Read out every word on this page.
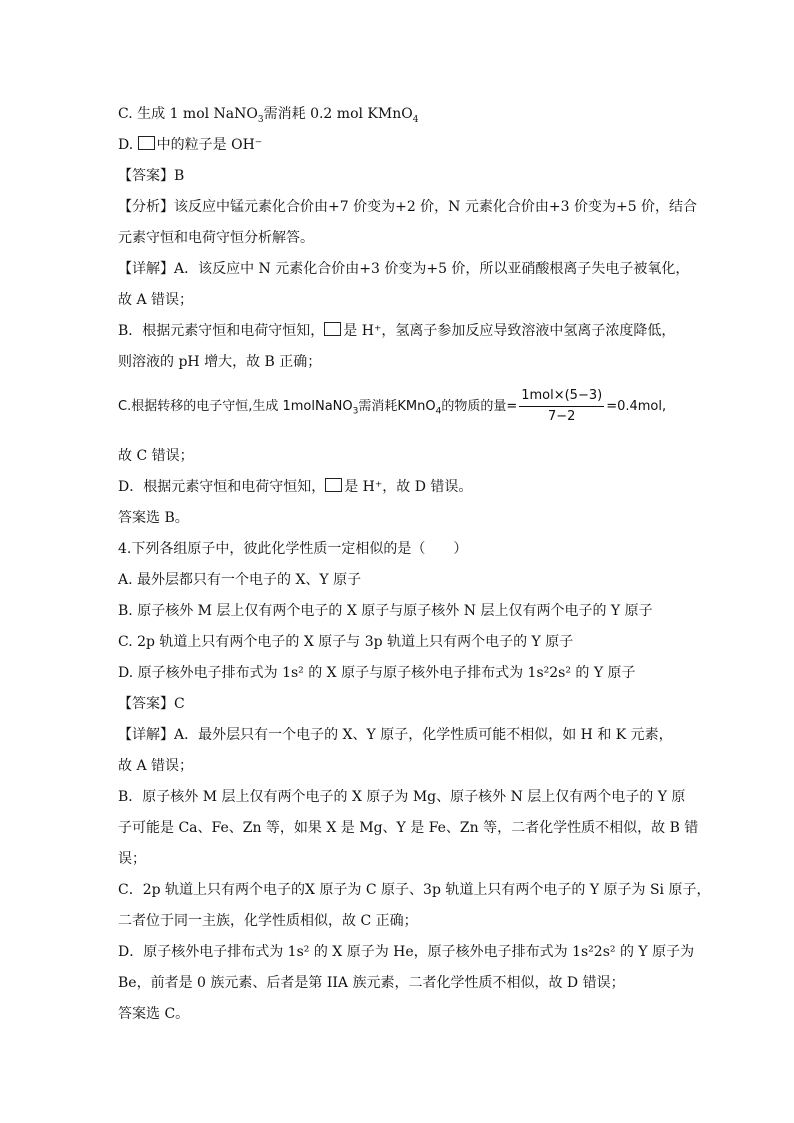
C. 生成 1 mol NaNO$_3$需消耗 0.2 mol KMnO$_4$
D. 中的粒子是 OH⁻
【答案】B
【分析】该反应中锰元素化合价由+7 价变为+2 价，N 元素化合价由+3 价变为+5 价，结合
元素守恒和电荷守恒分析解答。
【详解】A．该反应中 N 元素化合价由+3 价变为+5 价，所以亚硝酸根离子失电子被氧化，
故 A 错误；
B．根据元素守恒和电荷守恒知， 是 H⁺，氢离子参加反应导致溶液中氢离子浓度降低，
则溶液的 pH 增大，故 B 正确；
C.根据转移的电子守恒,生成 1molNaNO$_3$需消耗KMnO$_4$的物质的量= $\frac{\text{1mol×(5−3)}}{7-2} =0.4mol$,
故 C 错误；
D．根据元素守恒和电荷守恒知， 是 H⁺，故 D 错误。
答案选 B。
4.下列各组原子中，彼此化学性质一定相似的是（　　）
A. 最外层都只有一个电子的 X、Y 原子
B. 原子核外 M 层上仅有两个电子的 X 原子与原子核外 N 层上仅有两个电子的 Y 原子
C. 2p 轨道上只有两个电子的 X 原子与 3p 轨道上只有两个电子的 Y 原子
D. 原子核外电子排布式为 1s² 的 X 原子与原子核外电子排布式为 1s²2s² 的 Y 原子
【答案】C
【详解】A．最外层只有一个电子的 X、Y 原子，化学性质可能不相似，如 H 和 K 元素，
故 A 错误；
B．原子核外 M 层上仅有两个电子的 X 原子为 Mg、原子核外 N 层上仅有两个电子的 Y 原
子可能是 Ca、Fe、Zn 等，如果 X 是 Mg、Y 是 Fe、Zn 等，二者化学性质不相似，故 B 错
误；
C．2p 轨道上只有两个电子的X 原子为 C 原子、3p 轨道上只有两个电子的 Y 原子为 Si 原子，
二者位于同一主族，化学性质相似，故 C 正确；
D．原子核外电子排布式为 1s² 的 X 原子为 He，原子核外电子排布式为 1s²2s² 的 Y 原子为
Be，前者是 0 族元素、后者是第 IIA 族元素，二者化学性质不相似，故 D 错误；
答案选 C。
